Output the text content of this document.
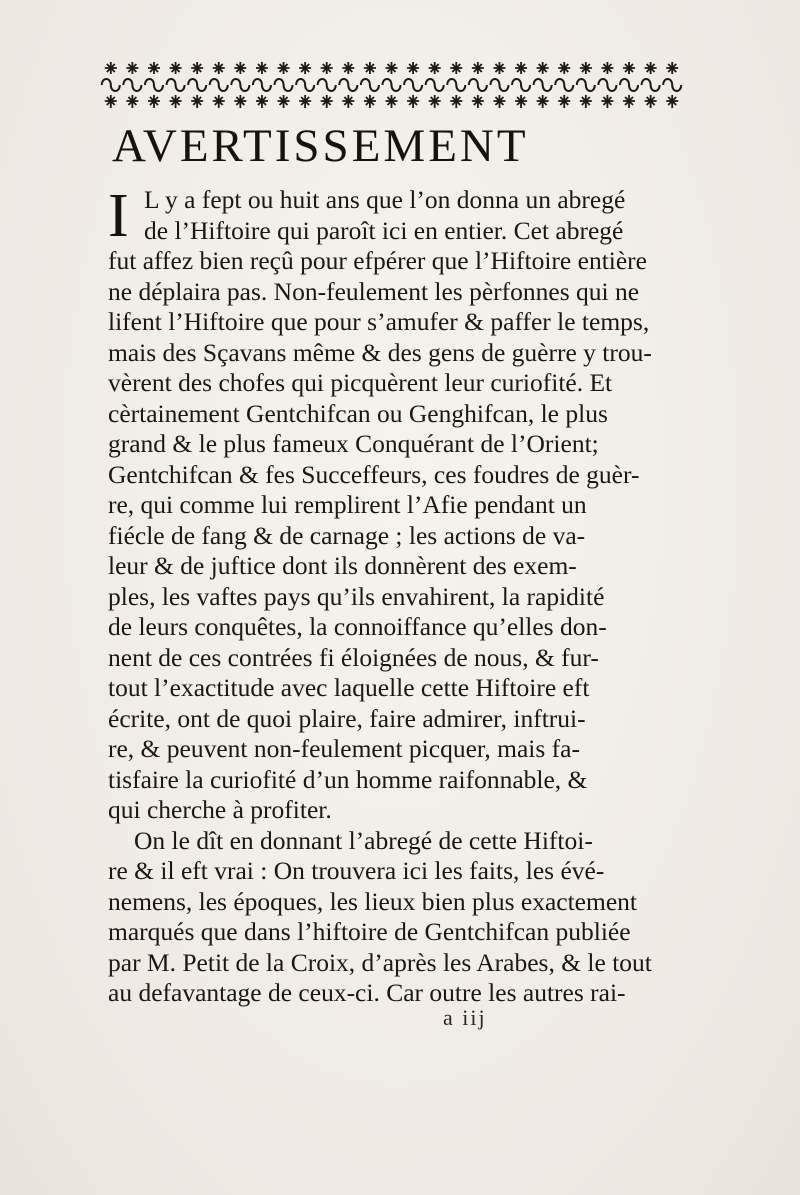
AVERTISSEMENT
I L y a fept ou huit ans que l’on donna un abregé
de l’Hiftoire qui paroît ici en entier. Cet abregé
fut affez bien reçû pour efpérer que l’Hiftoire entière
ne déplaira pas. Non-feulement les pèrfonnes qui ne
lifent l’Hiftoire que pour s’amufer & paffer le temps,
mais des Sçavans même & des gens de guèrre y trou-
vèrent des chofes qui picquèrent leur curiofité. Et
cèrtainement Gentchifcan ou Genghifcan, le plus
grand & le plus fameux Conquérant de l’Orient;
Gentchifcan & fes Succeffeurs, ces foudres de guèr-
re, qui comme lui remplirent l’Afie pendant un
fiécle de fang & de carnage ; les actions de va-
leur & de juftice dont ils donnèrent des exem-
ples, les vaftes pays qu’ils envahirent, la rapidité
de leurs conquêtes, la connoiffance qu’elles don-
nent de ces contrées fi éloignées de nous, & fur-
tout l’exactitude avec laquelle cette Hiftoire eft
écrite, ont de quoi plaire, faire admirer, inftrui-
re, & peuvent non-feulement picquer, mais fa-
tisfaire la curiofité d’un homme raifonnable, &
qui cherche à profiter.
On le dît en donnant l’abregé de cette Hiftoi-
re & il eft vrai : On trouvera ici les faits, les évé-
nemens, les époques, les lieux bien plus exactement
marqués que dans l’hiftoire de Gentchifcan publiée
par M. Petit de la Croix, d’après les Arabes, & le tout
au defavantage de ceux-ci. Car outre les autres rai-
a iij
